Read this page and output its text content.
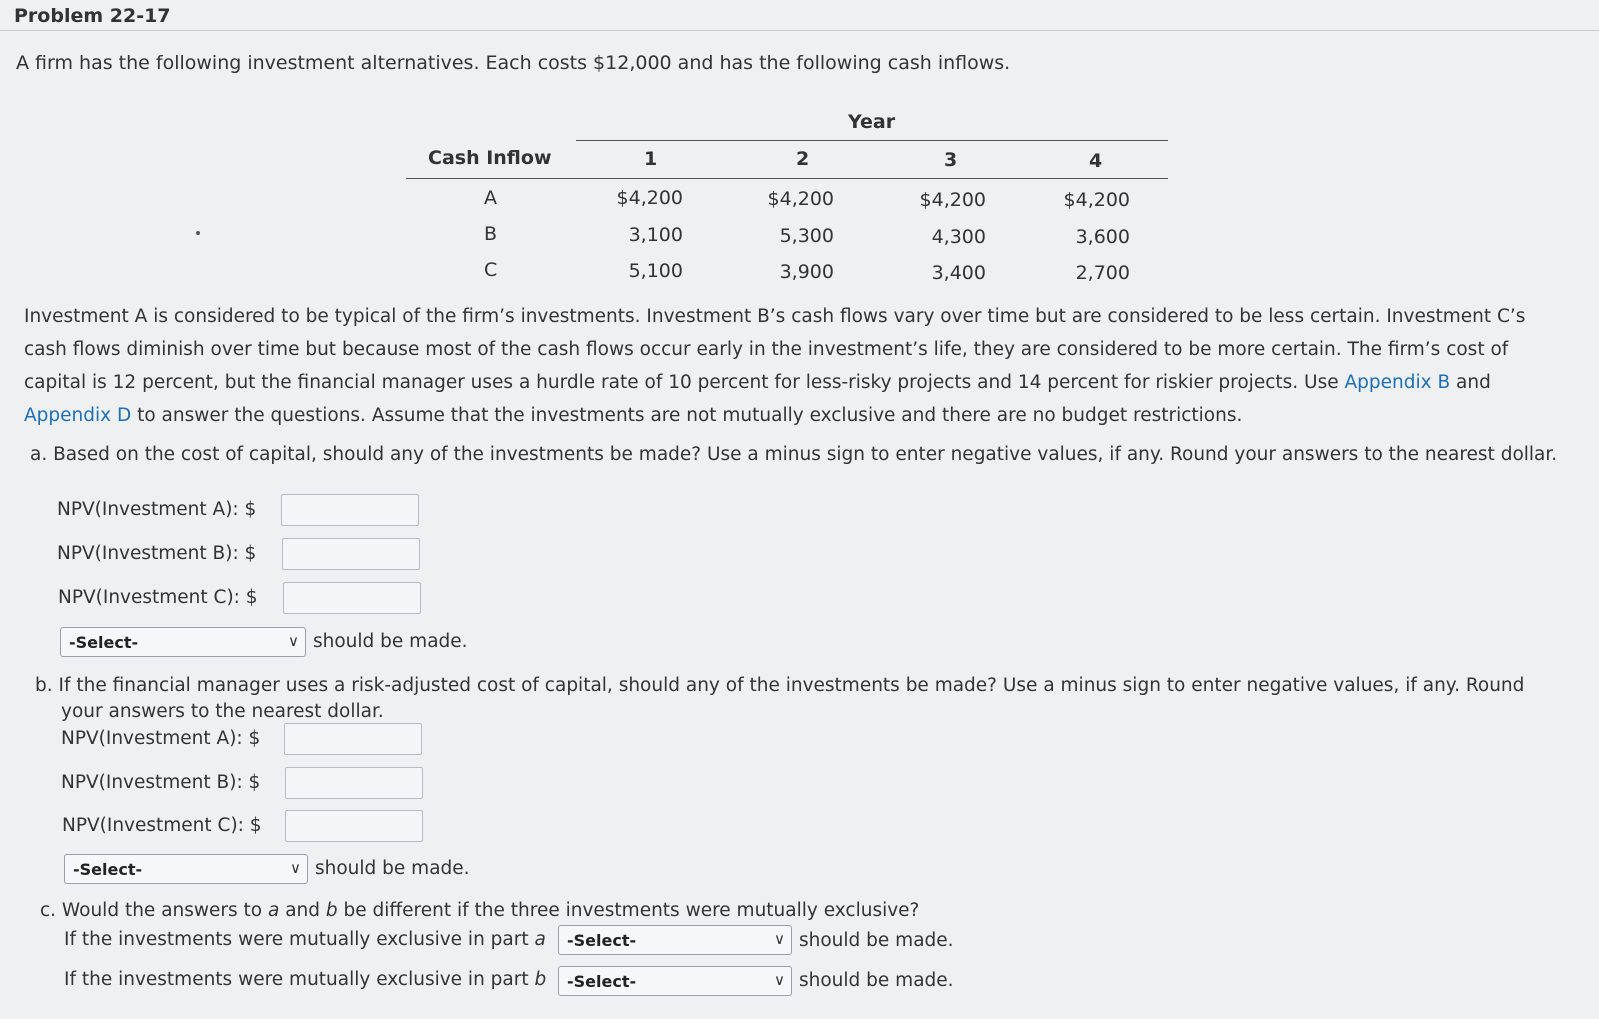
Problem 22-17
A firm has the following investment alternatives. Each costs $12,000 and has the following cash inflows.
Year
Cash Inflow	1	2	3	4
A	$4,200	$4,200	$4,200	$4,200
B	3,100	5,300	4,300	3,600
C	5,100	3,900	3,400	2,700
Investment A is considered to be typical of the firm’s investments. Investment B’s cash flows vary over time but are considered to be less certain. Investment C’s cash flows diminish over time but because most of the cash flows occur early in the investment’s life, they are considered to be more certain. The firm’s cost of capital is 12 percent, but the financial manager uses a hurdle rate of 10 percent for less-risky projects and 14 percent for riskier projects. Use Appendix B and Appendix D to answer the questions. Assume that the investments are not mutually exclusive and there are no budget restrictions.
a. Based on the cost of capital, should any of the investments be made? Use a minus sign to enter negative values, if any. Round your answers to the nearest dollar.
NPV(Investment A): $
NPV(Investment B): $
NPV(Investment C): $
-Select-	∨ should be made.
b. If the financial manager uses a risk-adjusted cost of capital, should any of the investments be made? Use a minus sign to enter negative values, if any. Round your answers to the nearest dollar.
NPV(Investment A): $
NPV(Investment B): $
NPV(Investment C): $
-Select-	∨ should be made.
c. Would the answers to a and b be different if the three investments were mutually exclusive?
If the investments were mutually exclusive in part a	-Select-	∨ should be made.
If the investments were mutually exclusive in part b	-Select-	∨ should be made.
